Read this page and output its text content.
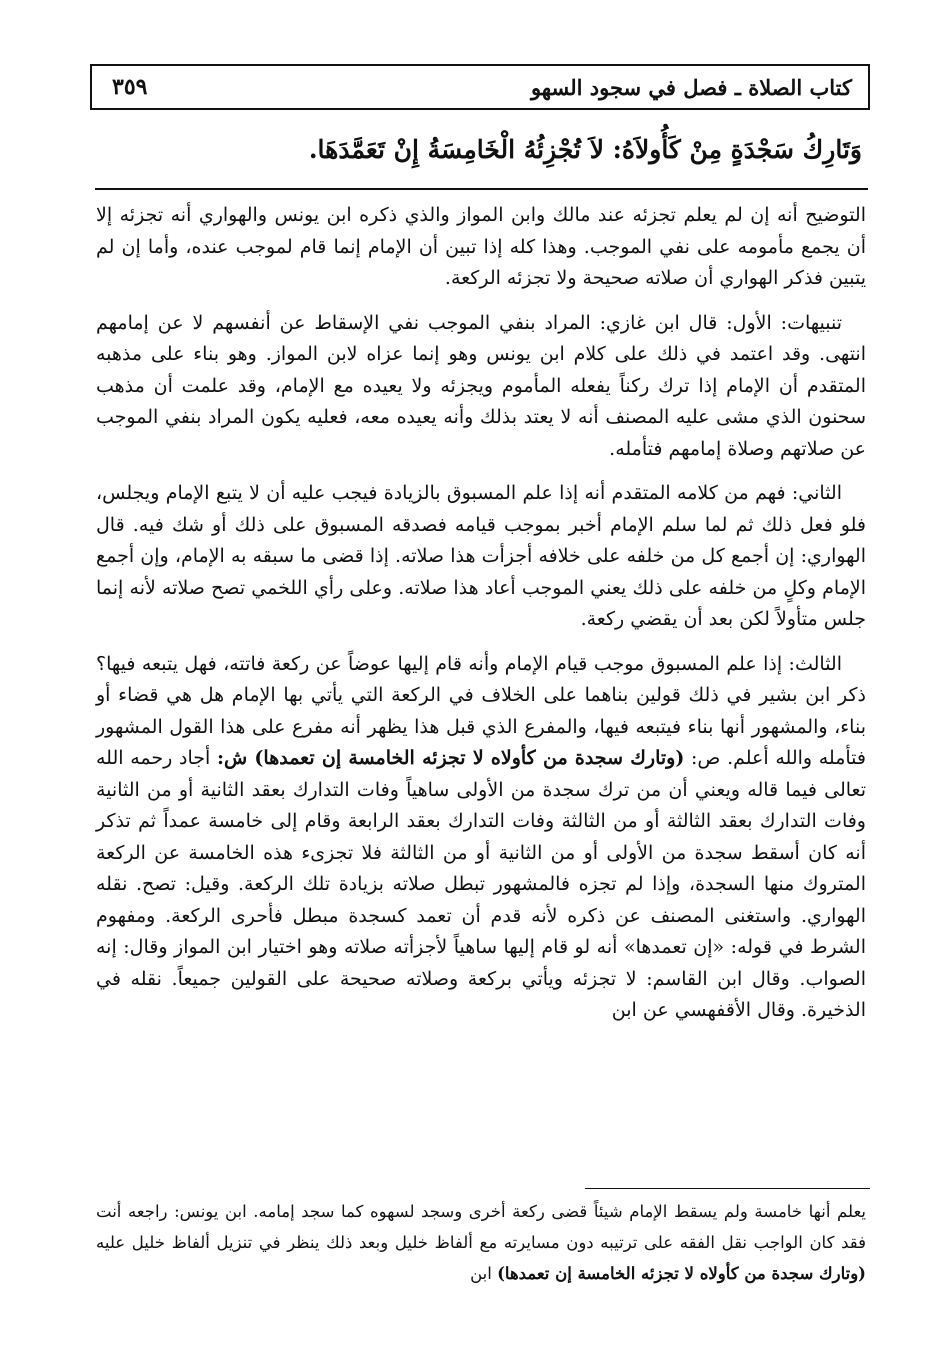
٣٥٩	كتاب الصلاة ـ فصل في سجود السهو
وَتَارِكُ سَجْدَةٍ مِنْ كَأُولاَهُ: لاَ تُجْزِئُهُ الْخَامِسَةُ إِنْ تَعَمَّدَهَا.

التوضيح أنه إن لم يعلم تجزئه عند مالك وابن المواز والذي ذكره ابن يونس والهواري أنه تجزئه إلا أن يجمع مأمومه على نفي الموجب. وهذا كله إذا تبين أن الإمام إنما قام لموجب عنده، وأما إن لم يتبين فذكر الهواري أن صلاته صحيحة ولا تجزئه الركعة.

تنبيهات: الأول: قال ابن غازي: المراد بنفي الموجب نفي الإسقاط عن أنفسهم لا عن إمامهم انتهى. وقد اعتمد في ذلك على كلام ابن يونس وهو إنما عزاه لابن المواز. وهو بناء على مذهبه المتقدم أن الإمام إذا ترك ركناً يفعله المأموم ويجزئه ولا يعيده مع الإمام، وقد علمت أن مذهب سحنون الذي مشى عليه المصنف أنه لا يعتد بذلك وأنه يعيده معه، فعليه يكون المراد بنفي الموجب عن صلاتهم وصلاة إمامهم فتأمله.

الثاني: فهم من كلامه المتقدم أنه إذا علم المسبوق بالزيادة فيجب عليه أن لا يتبع الإمام ويجلس، فلو فعل ذلك ثم لما سلم الإمام أخبر بموجب قيامه فصدقه المسبوق على ذلك أو شك فيه. قال الهواري: إن أجمع كل من خلفه على خلافه أجزأت هذا صلاته. إذا قضى ما سبقه به الإمام، وإن أجمع الإمام وكلٍ من خلفه على ذلك يعني الموجب أعاد هذا صلاته. وعلى رأي اللخمي تصح صلاته لأنه إنما جلس متأولاً لكن بعد أن يقضي ركعة.

الثالث: إذا علم المسبوق موجب قيام الإمام وأنه قام إليها عوضاً عن ركعة فاتته، فهل يتبعه فيها؟ ذكر ابن بشير في ذلك قولين بناهما على الخلاف في الركعة التي يأتي بها الإمام هل هي قضاء أو بناء، والمشهور أنها بناء فيتبعه فيها، والمفرع الذي قبل هذا يظهر أنه مفرع على هذا القول المشهور فتأمله والله أعلم. ص: (وتارك سجدة من كأولاه لا تجزئه الخامسة إن تعمدها) ش: أجاد رحمه الله تعالى فيما قاله ويعني أن من ترك سجدة من الأولى ساهياً وفات التدارك بعقد الثانية أو من الثانية وفات التدارك بعقد الثالثة أو من الثالثة وفات التدارك بعقد الرابعة وقام إلى خامسة عمداً ثم تذكر أنه كان أسقط سجدة من الأولى أو من الثانية أو من الثالثة فلا تجزىء هذه الخامسة عن الركعة المتروك منها السجدة، وإذا لم تجزه فالمشهور تبطل صلاته بزيادة تلك الركعة. وقيل: تصح. نقله الهواري. واستغنى المصنف عن ذكره لأنه قدم أن تعمد كسجدة مبطل فأحرى الركعة. ومفهوم الشرط في قوله: «إن تعمدها» أنه لو قام إليها ساهياً لأجزأته صلاته وهو اختيار ابن المواز وقال: إنه الصواب. وقال ابن القاسم: لا تجزئه ويأتي بركعة وصلاته صحيحة على القولين جميعاً. نقله في الذخيرة. وقال الأقفهسي عن ابن

يعلم أنها خامسة ولم يسقط الإمام شيئاً قضى ركعة أخرى وسجد لسهوه كما سجد إمامه. ابن يونس: راجعه أنت فقد كان الواجب نقل الفقه على ترتيبه دون مسايرته مع ألفاظ خليل وبعد ذلك ينظر في تنزيل ألفاظ خليل عليه (وتارك سجدة من كأولاه لا تجزئه الخامسة إن تعمدها) ابن
